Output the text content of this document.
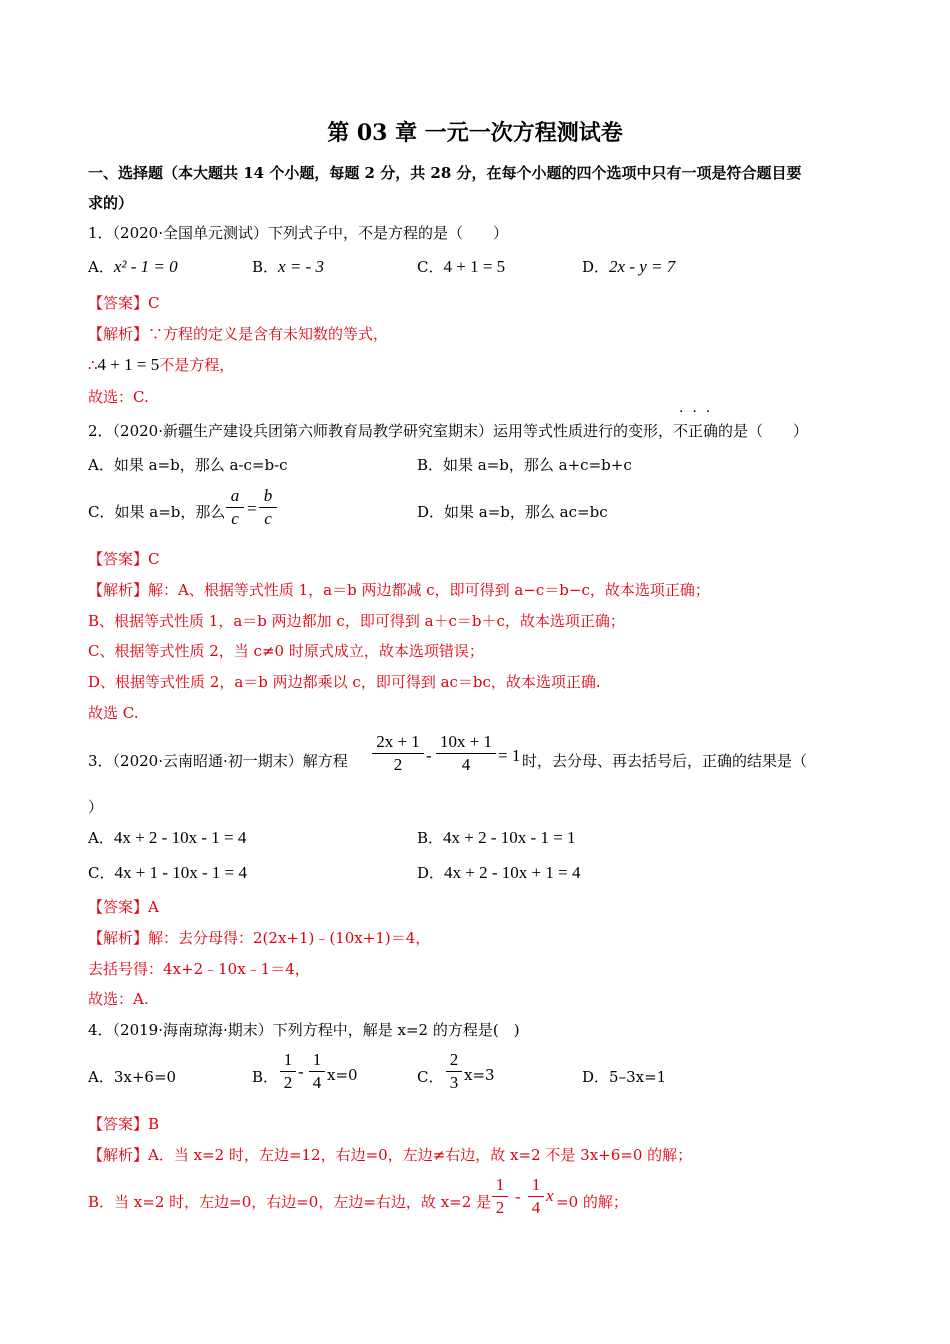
第 03 章 一元一次方程测试卷
一、选择题（本大题共 14 个小题，每题 2 分，共 28 分，在每个小题的四个选项中只有一项是符合题目要
求的）
1．（2020·全国单元测试）下列式子中，不是方程的是（　　）
A．x² - 1 = 0	B．x = - 3	C．4 + 1 = 5	D．2x - y = 7
【答案】C
【解析】∵方程的定义是含有未知数的等式，
∴4 + 1 = 5不是方程，
故选：C.
2．（2020·新疆生产建设兵团第六师教育局教学研究室期末）运用等式性质进行的变形，
···
不正确的是（　　）
A．如果 a=b，那么 a-c=b-c	B．如果 a=b，那么 a+c=b+c
C．如果 a=b，那么
a
c
=
b
c	D．如果 a=b，那么 ac=bc
【答案】C
【解析】解：A、根据等式性质 1，a＝b 两边都减 c，即可得到 a−c＝b−c，故本选项正确；
B、根据等式性质 1，a＝b 两边都加 c，即可得到 a＋c＝b＋c，故本选项正确；
C、根据等式性质 2，当 c≠0 时原式成立，故本选项错误；
D、根据等式性质 2，a＝b 两边都乘以 c，即可得到 ac＝bc，故本选项正确.
故选 C.
3．（2020·云南昭通·初一期末）解方程
2x + 1
2	-
10x + 1
4	= 1 时，去分母、再去括号后，正确的结果是（
）
A．4x + 2 - 10x - 1 = 4	B．4x + 2 - 10x - 1 = 1
C．4x + 1 - 10x - 1 = 4	D．4x + 2 - 10x + 1 = 4
【答案】A
【解析】解：去分母得：2(2x+1)﹣(10x+1)＝4，
去括号得：4x+2﹣10x﹣1＝4，
故选：A.
4．（2019·海南琼海·期末）下列方程中，解是 x=2 的方程是(　)
A．3x+6=0	B．
1
2
-
1
4 x=0	C．
2
3 x=3	D．5–3x=1
【答案】B
【解析】A．当 x=2 时，左边=12，右边=0，左边≠右边，故 x=2 不是 3x+6=0 的解；
B．当 x=2 时，左边=0，右边=0，左边=右边，故 x=2 是
1
2
-
1
4
x =0 的解；
